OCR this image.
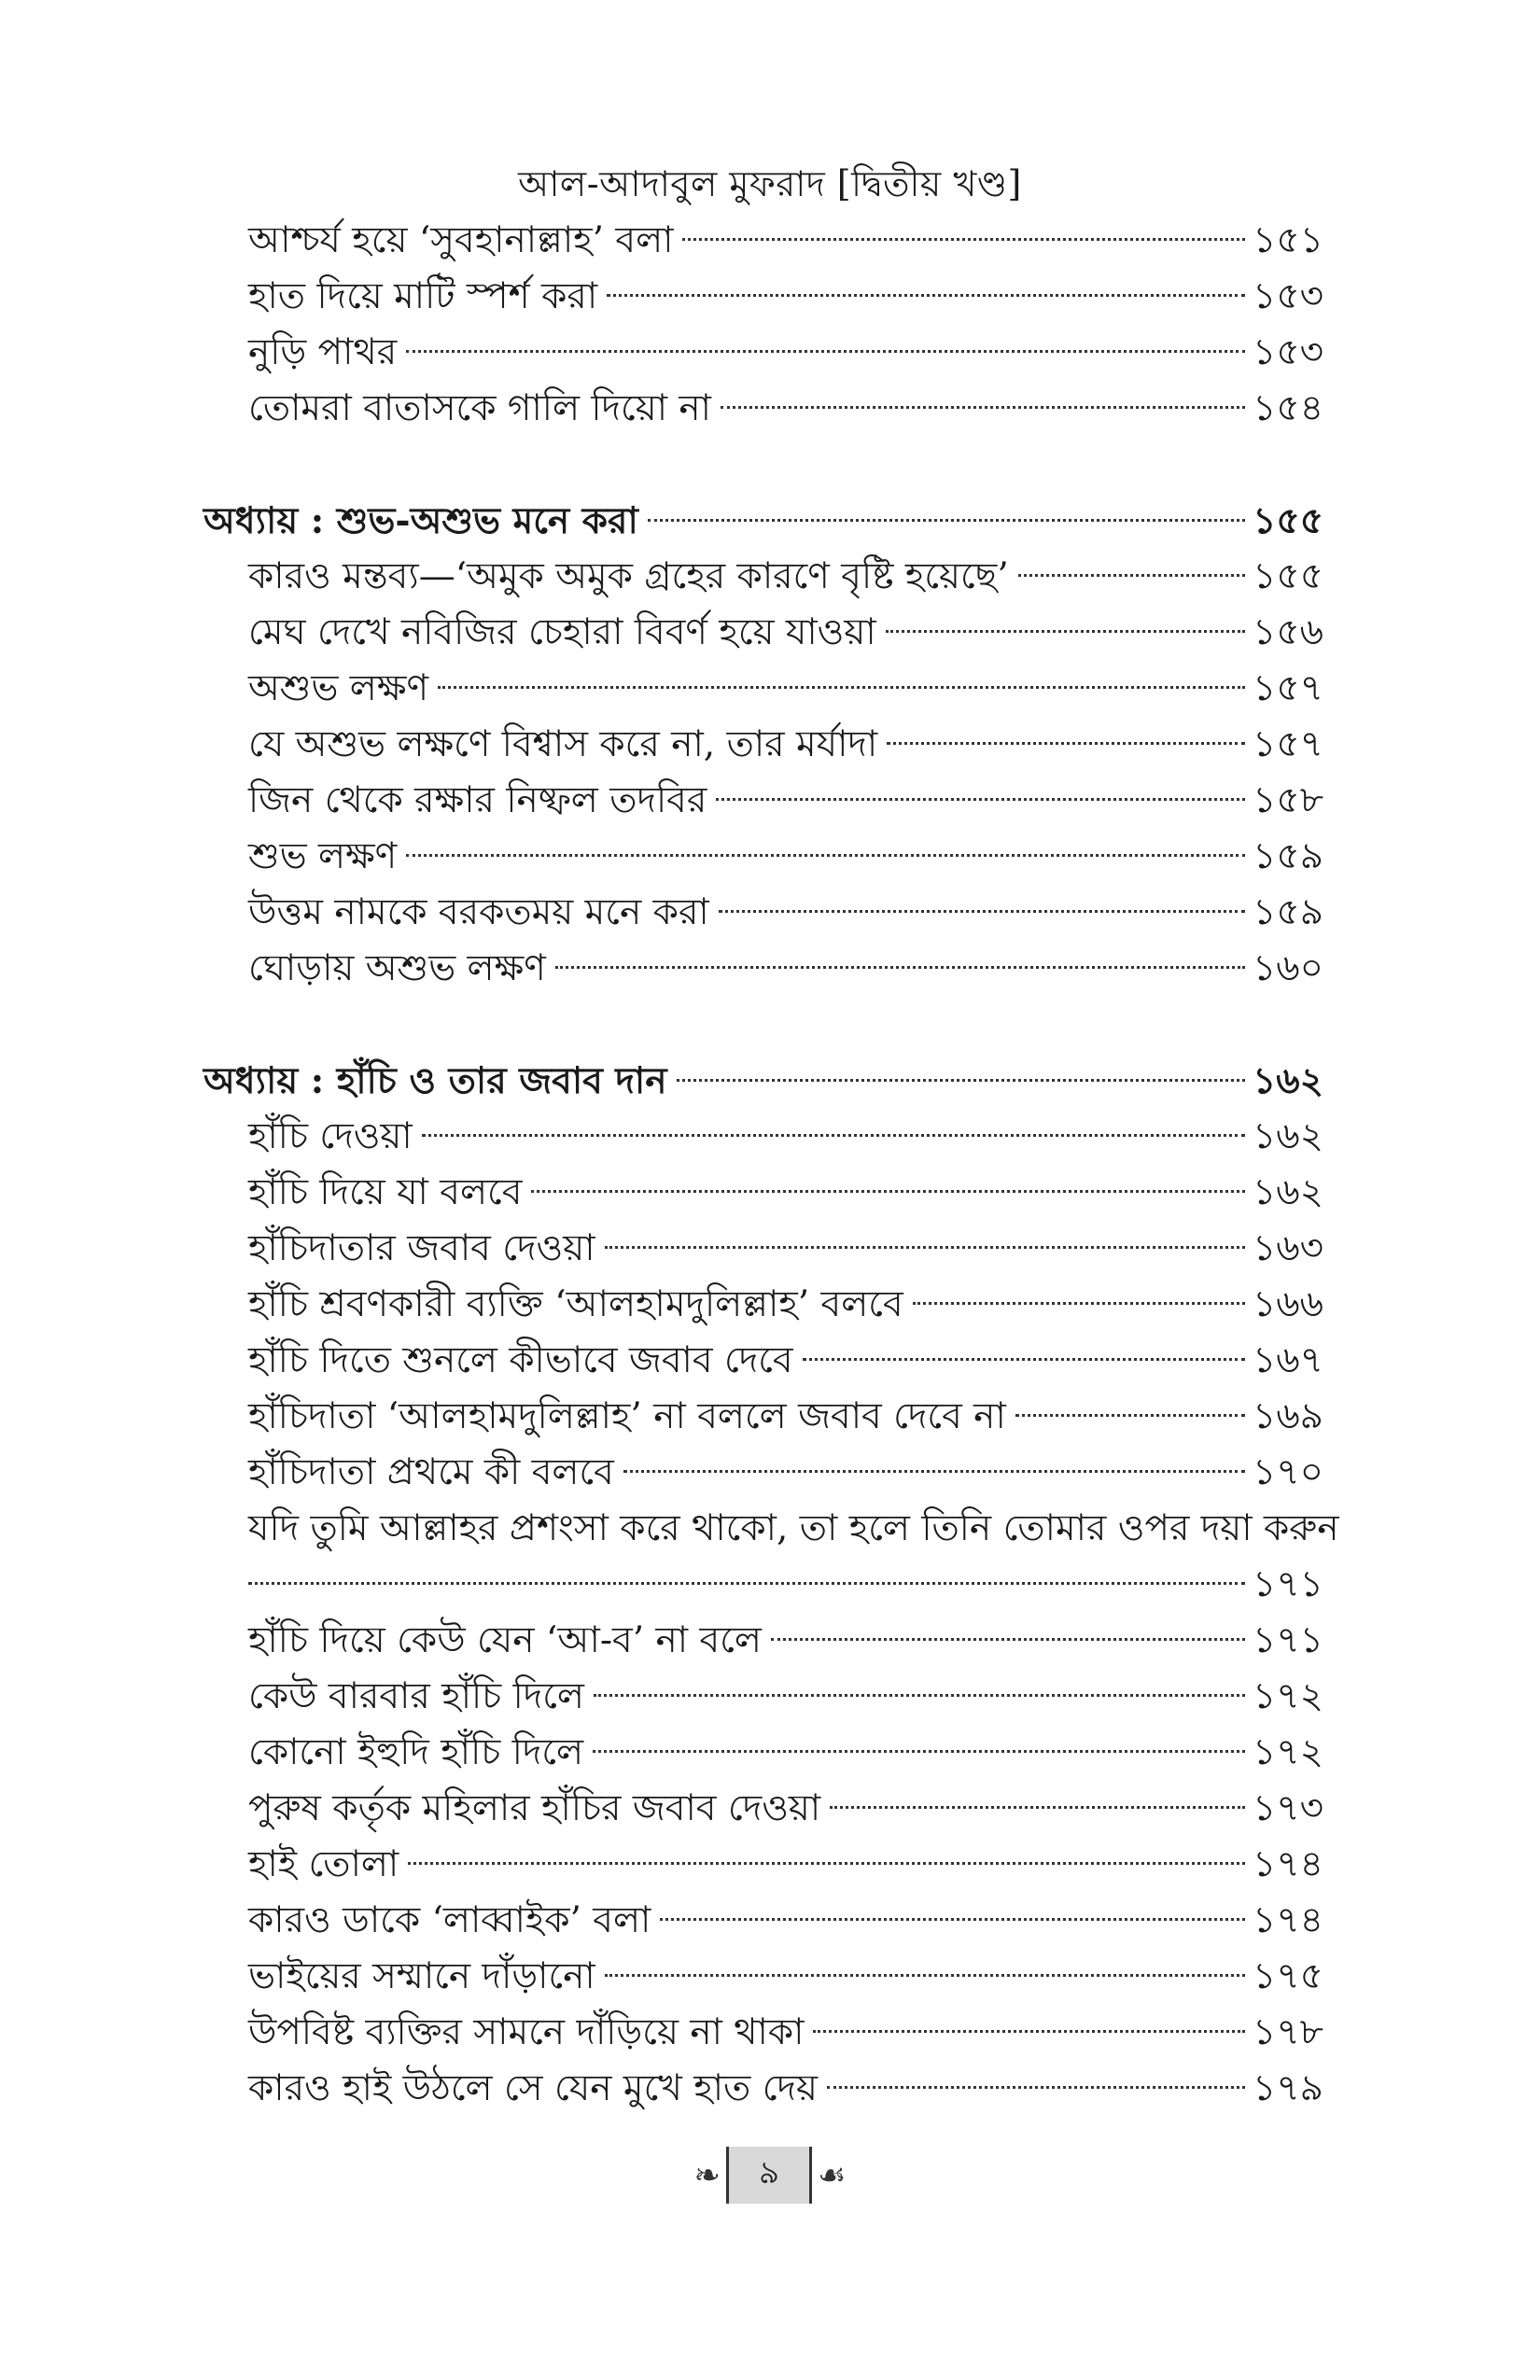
আল-আদাবুল মুফরাদ [দ্বিতীয় খণ্ড]
আশ্চর্য হয়ে ‘সুবহানাল্লাহ’ বলা	১৫১
হাত দিয়ে মাটি স্পর্শ করা	১৫৩
নুড়ি পাথর	১৫৩
তোমরা বাতাসকে গালি দিয়ো না	১৫৪
অধ্যায় : শুভ-অশুভ মনে করা	১৫৫
কারও মন্তব্য—‘অমুক অমুক গ্রহের কারণে বৃষ্টি হয়েছে’	১৫৫
মেঘ দেখে নবিজির চেহারা বিবর্ণ হয়ে যাওয়া	১৫৬
অশুভ লক্ষণ	১৫৭
যে অশুভ লক্ষণে বিশ্বাস করে না, তার মর্যাদা	১৫৭
জিন থেকে রক্ষার নিষ্ফল তদবির	১৫৮
শুভ লক্ষণ	১৫৯
উত্তম নামকে বরকতময় মনে করা	১৫৯
ঘোড়ায় অশুভ লক্ষণ	১৬০
অধ্যায় : হাঁচি ও তার জবাব দান	১৬২
হাঁচি দেওয়া	১৬২
হাঁচি দিয়ে যা বলবে	১৬২
হাঁচিদাতার জবাব দেওয়া	১৬৩
হাঁচি শ্রবণকারী ব্যক্তি ‘আলহামদুলিল্লাহ’ বলবে	১৬৬
হাঁচি দিতে শুনলে কীভাবে জবাব দেবে	১৬৭
হাঁচিদাতা ‘আলহামদুলিল্লাহ’ না বললে জবাব দেবে না	১৬৯
হাঁচিদাতা প্রথমে কী বলবে	১৭০
যদি তুমি আল্লাহর প্রশংসা করে থাকো, তা হলে তিনি তোমার ওপর দয়া করুন
১৭১
হাঁচি দিয়ে কেউ যেন ‘আ-ব’ না বলে	১৭১
কেউ বারবার হাঁচি দিলে	১৭২
কোনো ইহুদি হাঁচি দিলে	১৭২
পুরুষ কর্তৃক মহিলার হাঁচির জবাব দেওয়া	১৭৩
হাই তোলা	১৭৪
কারও ডাকে ‘লাব্বাইক’ বলা	১৭৪
ভাইয়ের সম্মানে দাঁড়ানো	১৭৫
উপবিষ্ট ব্যক্তির সামনে দাঁড়িয়ে না থাকা	১৭৮
কারও হাই উঠলে সে যেন মুখে হাত দেয়	১৭৯
❧	৯	☙
